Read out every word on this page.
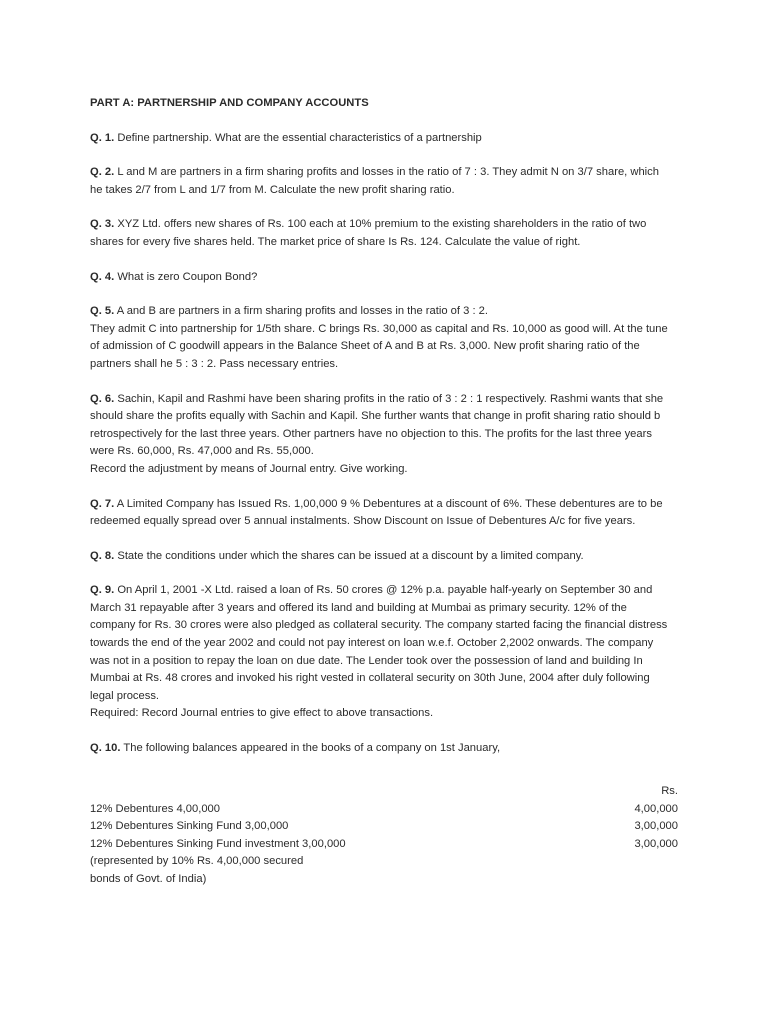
PART A: PARTNERSHIP AND COMPANY ACCOUNTS
Q. 1. Define partnership. What are the essential characteristics of a partnership
Q. 2. L and M are partners in a firm sharing profits and losses in the ratio of 7 : 3. They admit N on 3/7 share, which
he takes 2/7 from L and 1/7 from M. Calculate the new profit sharing ratio.
Q. 3. XYZ Ltd. offers new shares of Rs. 100 each at 10% premium to the existing shareholders in the ratio of two
shares for every five shares held. The market price of share Is Rs. 124. Calculate the value of right.
Q. 4. What is zero Coupon Bond?
Q. 5. A and B are partners in a firm sharing profits and losses in the ratio of 3 : 2.
They admit C into partnership for 1/5th share. C brings Rs. 30,000 as capital and Rs. 10,000 as good will. At the tune
of admission of C goodwill appears in the Balance Sheet of A and B at Rs. 3,000. New profit sharing ratio of the
partners shall he 5 : 3 : 2. Pass necessary entries.
Q. 6. Sachin, Kapil and Rashmi have been sharing profits in the ratio of 3 : 2 : 1 respectively. Rashmi wants that she
should share the profits equally with Sachin and Kapil. She further wants that change in profit sharing ratio should b
retrospectively for the last three years. Other partners have no objection to this. The profits for the last three years
were Rs. 60,000, Rs. 47,000 and Rs. 55,000.
Record the adjustment by means of Journal entry. Give working.
Q. 7. A Limited Company has Issued Rs. 1,00,000 9 % Debentures at a discount of 6%. These debentures are to be
redeemed equally spread over 5 annual instalments. Show Discount on Issue of Debentures A/c for five years.
Q. 8. State the conditions under which the shares can be issued at a discount by a limited company.
Q. 9. On April 1, 2001 -X Ltd. raised a loan of Rs. 50 crores @ 12% p.a. payable half-yearly on September 30 and
March 31 repayable after 3 years and offered its land and building at Mumbai as primary security. 12% of the
company for Rs. 30 crores were also pledged as collateral security. The company started facing the financial distress
towards the end of the year 2002 and could not pay interest on loan w.e.f. October 2,2002 onwards. The company
was not in a position to repay the loan on due date. The Lender took over the possession of land and building In
Mumbai at Rs. 48 crores and invoked his right vested in collateral security on 30th June, 2004 after duly following
legal process.
Required: Record Journal entries to give effect to above transactions.
Q. 10. The following balances appeared in the books of a company on 1st January,
Rs.
12% Debentures 4,00,000	4,00,000
12% Debentures Sinking Fund 3,00,000	3,00,000
12% Debentures Sinking Fund investment 3,00,000	3,00,000
(represented by 10% Rs. 4,00,000 secured
bonds of Govt. of India)
